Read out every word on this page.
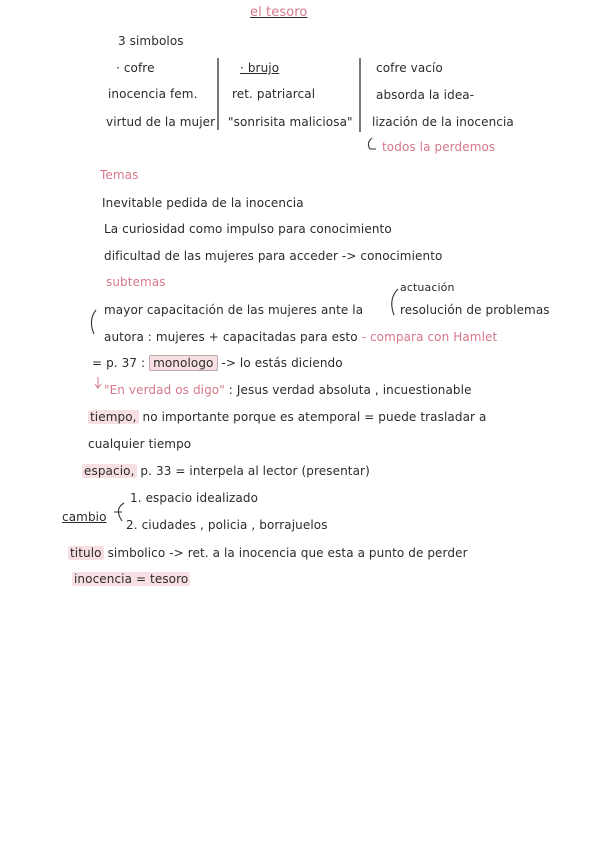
el tesoro
3 simbolos
· cofre
inocencia fem.
virtud de la mujer
· brujo
ret. patriarcal
"sonrisita maliciosa"
cofre vacío
absorda la idea-
lización de la inocencia
todos la perdemos
Temas
Inevitable pedida de la inocencia
La curiosidad como impulso para conocimiento
dificultad de las mujeres para acceder -> conocimiento
subtemas	actuación
mayor capacitación de las mujeres ante la	resolución de problemas
autora : mujeres + capacitadas para esto - compara con Hamlet
= p. 37 : monologo -> lo estás diciendo
"En verdad os digo" : Jesus verdad absoluta , incuestionable
tiempo, no importante porque es atemporal = puede trasladar a
cualquier tiempo
espacio, p. 33 = interpela al lector (presentar)
cambio
1. espacio idealizado
2. ciudades , policia , borrajuelos
titulo simbolico -> ret. a la inocencia que esta a punto de perder
inocencia = tesoro
